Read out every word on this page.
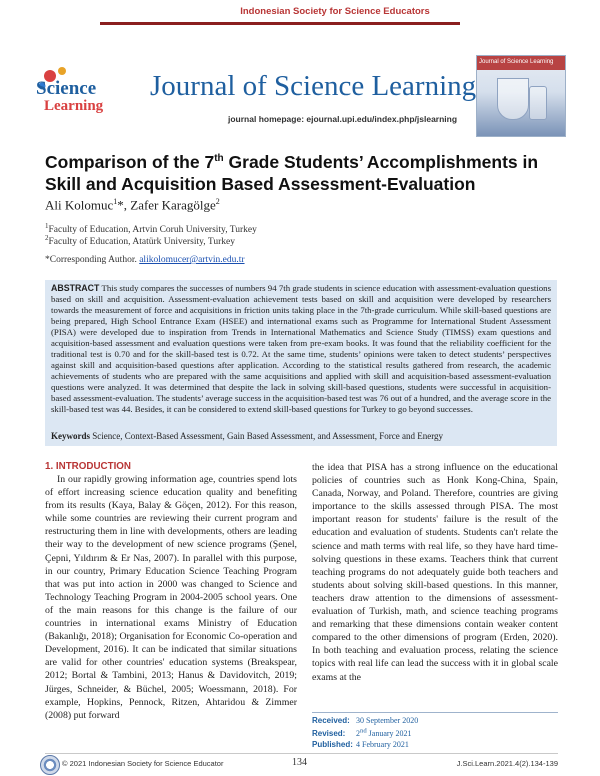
Indonesian Society for Science Educators
Science
Learning
Journal of Science Learning
journal homepage: ejournal.upi.edu/index.php/jslearning
Journal of Science Learning
Comparison of the 7th Grade Students’ Accomplishments in Skill and Acquisition Based Assessment-Evaluation
Ali Kolomuc$^1$*, Zafer Karagölge$^2$
$^1$Faculty of Education, Artvin Coruh University, Turkey
$^2$Faculty of Education, Atatürk University, Turkey
*Corresponding Author. alikolomucer@artvin.edu.tr
ABSTRACT This study compares the successes of numbers 94 7th grade students in science education with assessment-evaluation questions based on skill and acquisition. Assessment-evaluation achievement tests based on skill and acquisition were developed by researchers towards the measurement of force and acquisitions in friction units taking place in the 7th-grade curriculum. While skill-based questions are being prepared, High School Entrance Exam (HSEE) and international exams such as Programme for International Student Assessment (PISA) were developed due to inspiration from Trends in International Mathematics and Science Study (TIMSS) exam questions and acquisition-based assessment and evaluation questions were taken from pre-exam books. It was found that the reliability coefficient for the traditional test is 0.70 and for the skill-based test is 0.72. At the same time, students’ opinions were taken to detect students’ perspectives against skill and acquisition-based questions after application. According to the statistical results gathered from research, the academic achievements of students who are prepared with the same acquisitions and applied with skill and acquisition-based assessment-evaluation questions were analyzed. It was determined that despite the lack in solving skill-based questions, students were successful in acquisition-based assessment-evaluation. The students’ average success in the acquisition-based test was 76 out of a hundred, and the average score in the skill-based test was 44. Besides, it can be considered to extend skill-based questions for Turkey to go beyond successes.
Keywords Science, Context-Based Assessment, Gain Based Assessment, and Assessment, Force and Energy
1. INTRODUCTION
In our rapidly growing information age, countries spend lots of effort increasing science education quality and benefiting from its results (Kaya, Balay & Göçen, 2012). For this reason, while some countries are reviewing their current program and restructuring them in line with developments, others are leading their way to the development of new science programs (Şenel, Çepni, Yıldırım & Er Nas, 2007). In parallel with this purpose, in our country, Primary Education Science Teaching Program that was put into action in 2000 was changed to Science and Technology Teaching Program in 2004-2005 school years. One of the main reasons for this change is the failure of our countries in international exams Ministry of Education (Bakanlığı, 2018); Organisation for Economic Co-operation and Development, 2016). It can be indicated that similar situations are valid for other countries' education systems (Breakspear, 2012; Bortal & Tambini, 2013; Hanus & Davidovitch, 2019; Jürges, Schneider, & Büchel, 2005; Woessmann, 2018). For example, Hopkins, Pennock, Ritzen, Ahtaridou & Zimmer (2008) put forward
the idea that PISA has a strong influence on the educational policies of countries such as Honk Kong-China, Spain, Canada, Norway, and Poland. Therefore, countries are giving importance to the skills assessed through PISA. The most important reason for students' failure is the result of the education and evaluation of students. Students can't relate the science and math terms with real life, so they have hard time-solving questions in these exams. Teachers think that current teaching programs do not adequately guide both teachers and students about solving skill-based questions. In this manner, teachers draw attention to the dimensions of assessment-evaluation of Turkish, math, and science teaching programs and remarking that these dimensions contain weaker content compared to the other dimensions of program (Erden, 2020). In both teaching and evaluation process, relating the science topics with real life can lead the success with it in global scale exams at the
Received: 30 September 2020
Revised: 2nd January 2021
Published: 4 February 2021
© 2021 Indonesian Society for Science Educator	134	J.Sci.Learn.2021.4(2).134-139
